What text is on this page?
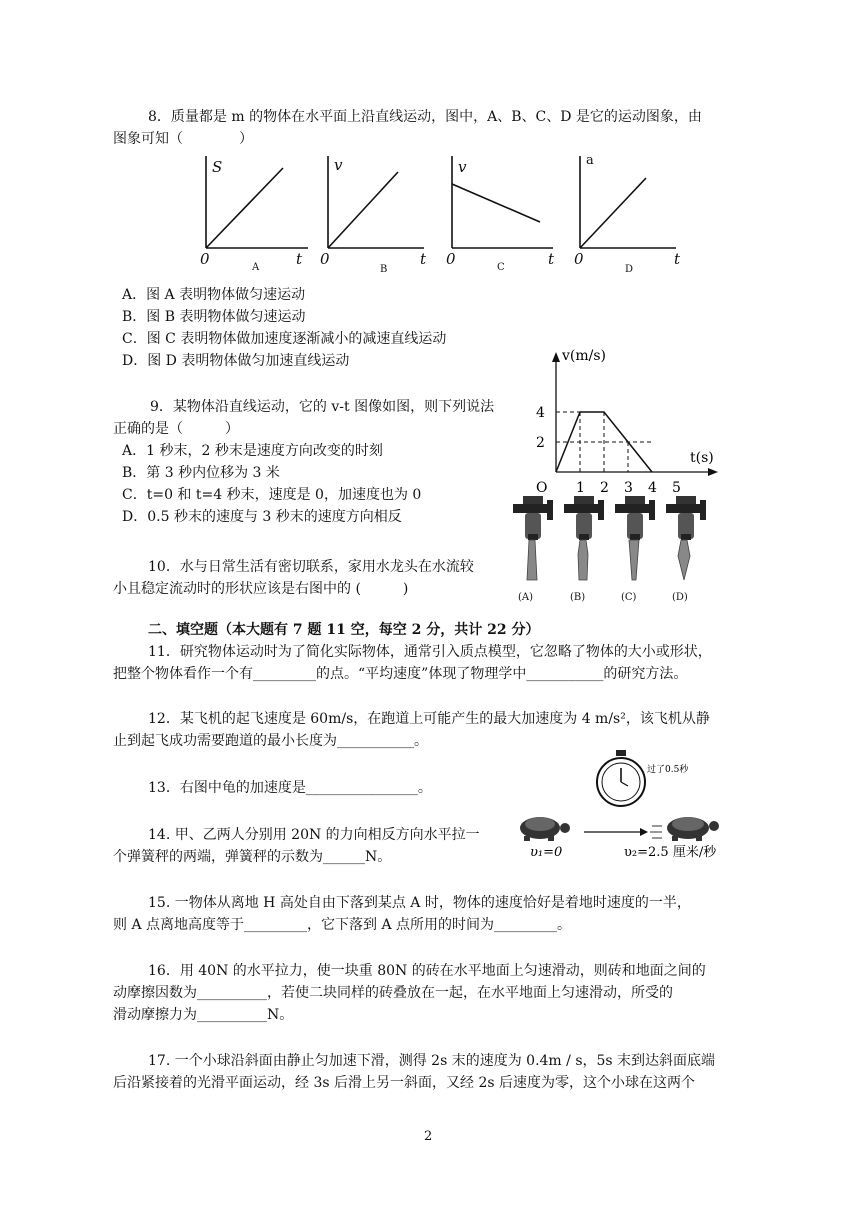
8．质量都是 m 的物体在水平面上沿直线运动，图中，A、B、C、D 是它的运动图象，由
图象可知（　　　　）
S
0	t
v
0	t
v
0	t
a
0	t
A	B	C	D
A．图 A 表明物体做匀速运动
B．图 B 表明物体做匀速运动
C．图 C 表明物体做加速度逐渐减小的减速直线运动
D．图 D 表明物体做匀加速直线运动
9．某物体沿直线运动，它的 v-t 图像如图，则下列说法
正确的是（　　　）
A．1 秒末，2 秒末是速度方向改变的时刻
B．第 3 秒内位移为 3 米
C．t=0 和 t=4 秒末，速度是 0，加速度也为 0
D．0.5 秒末的速度与 3 秒末的速度方向相反
v(m/s)
t(s)
O 1 2 3 4 5
2
4
10．水与日常生活有密切联系，家用水龙头在水流较
小且稳定流动时的形状应该是右图中的 (　　　)
(A)	(B)	(C)	(D)
二、填空题（本大题有 7 题 11 空，每空 2 分，共计 22 分）
11．研究物体运动时为了简化实际物体，通常引入质点模型，它忽略了物体的大小或形状，
把整个物体看作一个有_________的点。“平均速度”体现了物理学中___________的研究方法。
12．某飞机的起飞速度是 60m/s，在跑道上可能产生的最大加速度为 4 m/s²，该飞机从静
止到起飞成功需要跑道的最小长度为___________。
13．右图中龟的加速度是________________。
过了0.5秒
υ₁=0	υ₂=2.5 厘米/秒
14. 甲、乙两人分别用 20N 的力向相反方向水平拉一
个弹簧秤的两端，弹簧秤的示数为______N。
15. 一物体从离地 H 高处自由下落到某点 A 时，物体的速度恰好是着地时速度的一半，
则 A 点离地高度等于_________，它下落到 A 点所用的时间为_________。
16．用 40N 的水平拉力，使一块重 80N 的砖在水平地面上匀速滑动，则砖和地面之间的
动摩擦因数为__________，若使二块同样的砖叠放在一起，在水平地面上匀速滑动，所受的
滑动摩擦力为__________N。
17. 一个小球沿斜面由静止匀加速下滑，测得 2s 末的速度为 0.4m / s，5s 末到达斜面底端
后沿紧接着的光滑平面运动，经 3s 后滑上另一斜面，又经 2s 后速度为零，这个小球在这两个
2
